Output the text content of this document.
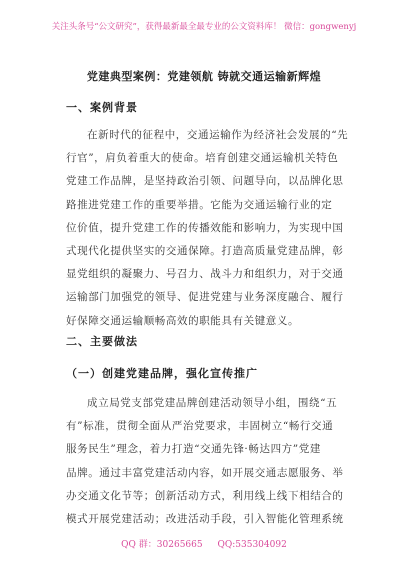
关注头条号“公文研究”，获得最新最全最专业的公文资料库！ 微信：gongwenyj
党建典型案例：党建领航 铸就交通运输新辉煌
一、案例背景
在新时代的征程中，交通运输作为经济社会发展的“先
行官”，肩负着重大的使命。培育创建交通运输机关特色
党建工作品牌，是坚持政治引领、问题导向，以品牌化思
路推进党建工作的重要举措。它能为交通运输行业的定
位价值，提升党建工作的传播效能和影响力，为实现中国
式现代化提供坚实的交通保障。打造高质量党建品牌，彰
显党组织的凝聚力、号召力、战斗力和组织力，对于交通
运输部门加强党的领导、促进党建与业务深度融合、履行
好保障交通运输顺畅高效的职能具有关键意义。
二、主要做法
（一）创建党建品牌，强化宣传推广
成立局党支部党建品牌创建活动领导小组，围绕“五
有”标准，贯彻全面从严治党要求，丰固树立“畅行交通
服务民生”理念，着力打造“交通先锋·畅达四方”党建
品牌。通过丰富党建活动内容，如开展交通志愿服务、举
办交通文化节等；创新活动方式，利用线上线下相结合的
模式开展党建活动；改进活动手段，引入智能化管理系统
QQ 群：30265665 QQ:535304092
